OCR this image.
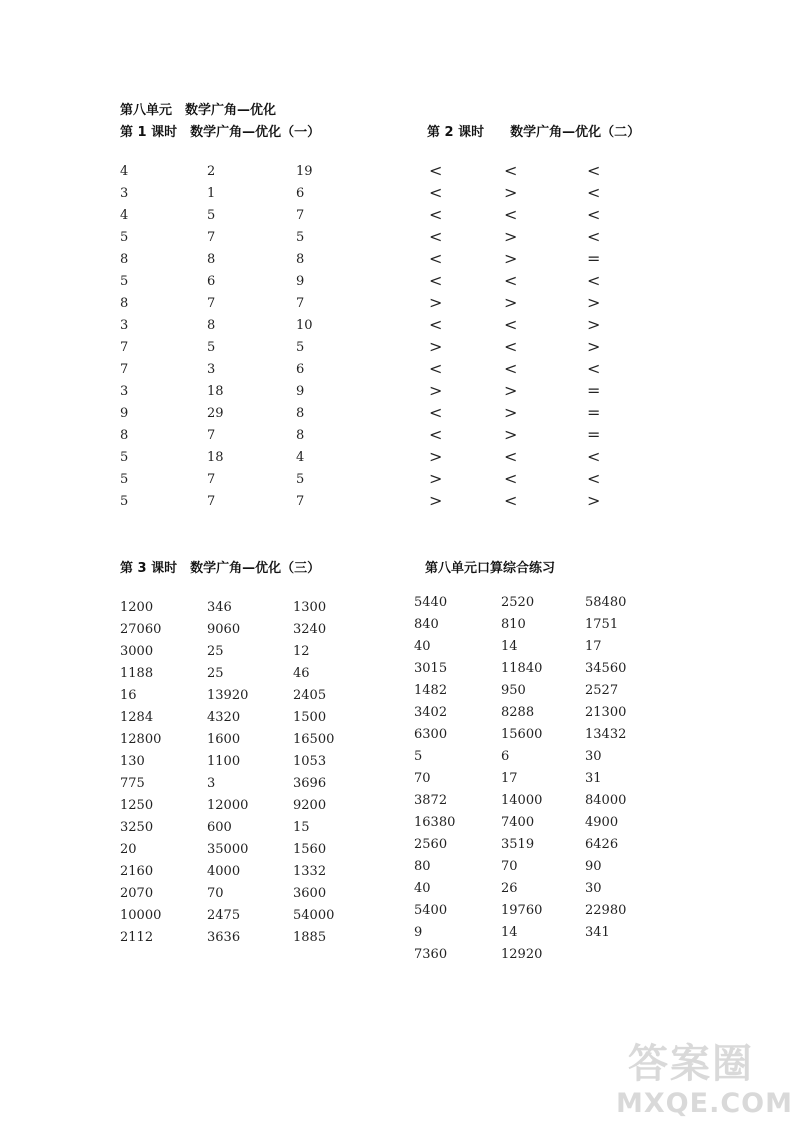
第八单元　数学广角—优化
第 1 课时　数学广角—优化（一）	第 2 课时　　数学广角—优化（二）
4	2	19
3	1	6
4	5	7
5	7	5
8	8	8
5	6	9
8	7	7
3	8	10
7	5	5
7	3	6
3	18	9
9	29	8
8	7	8
5	18	4
5	7	5
5	7	7
<	<	<
<	>	<
<	<	<
<	>	<
<	>	=
<	<	<
>	>	>
<	<	>
>	<	>
<	<	<
>	>	=
<	>	=
<	>	=
>	<	<
>	<	<
>	<	>
第 3 课时　数学广角—优化（三）	第八单元口算综合练习
1200	346	1300
27060	9060	3240
3000	25	12
1188	25	46
16	13920	2405
1284	4320	1500
12800	1600	16500
130	1100	1053
775	3	3696
1250	12000	9200
3250	600	15
20	35000	1560
2160	4000	1332
2070	70	3600
10000	2475	54000
2112	3636	1885
5440	2520	58480
840	810	1751
40	14	17
3015	11840	34560
1482	950	2527
3402	8288	21300
6300	15600	13432
5	6	30
70	17	31
3872	14000	84000
16380	7400	4900
2560	3519	6426
80	70	90
40	26	30
5400	19760	22980
9	14	341
7360	12920
答案圈
MXQE.COM
